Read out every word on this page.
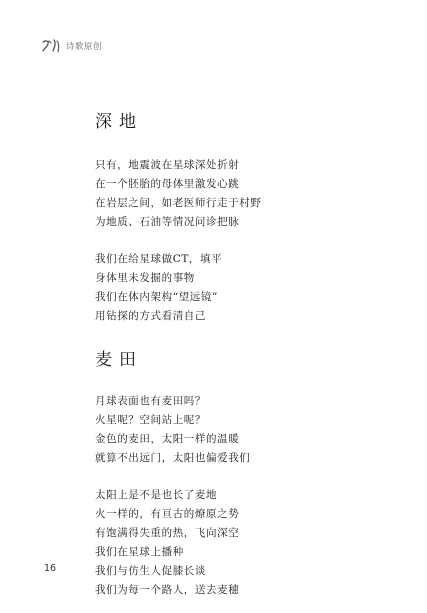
诗歌原创
深地
只有，地震波在星球深处折射
在一个胚胎的母体里激发心跳
在岩层之间，如老医师行走于村野
为地质、石油等情况问诊把脉
我们在给星球做CT，填平
身体里未发掘的事物
我们在体内架构“望远镜”
用钻探的方式看清自己
麦田
月球表面也有麦田吗？
火星呢？空间站上呢？
金色的麦田，太阳一样的温暖
就算不出远门，太阳也偏爱我们
太阳上是不是也长了麦地
火一样的，有亘古的燎原之势
有饱满得失重的热，飞向深空
我们在星球上播种
我们与仿生人促膝长谈
我们为每一个路人，送去麦穗
16
